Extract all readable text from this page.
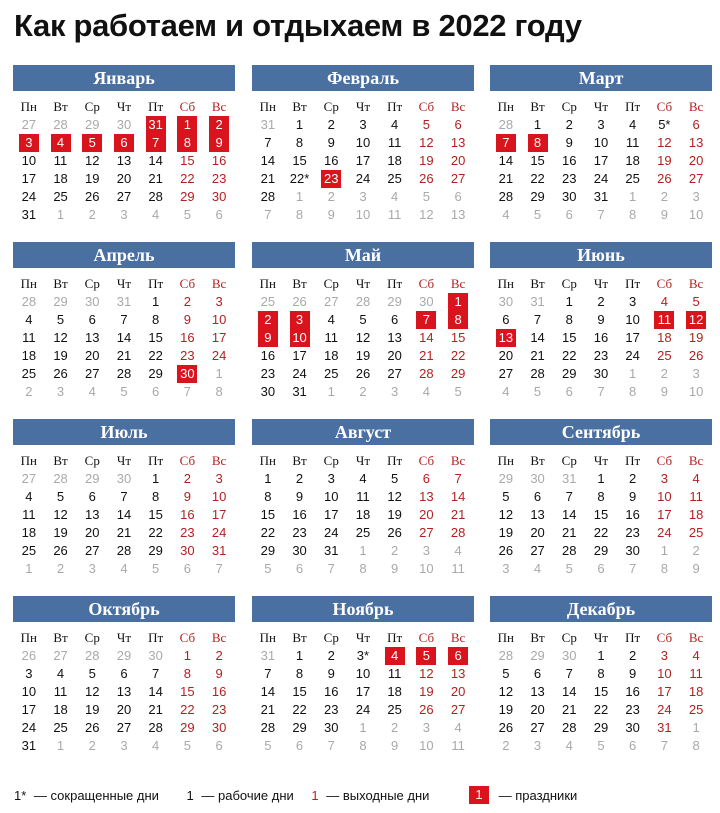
Как работаем и отдыхаем в 2022 году
Январь
Пн	Вт	Ср	Чт	Пт	Сб	Вс
27	28	29	30	31	1	2
3	4	5	6	7	8	9
10	11	12	13	14	15	16
17	18	19	20	21	22	23
24	25	26	27	28	29	30
31	1	2	3	4	5	6
Февраль
Пн	Вт	Ср	Чт	Пт	Сб	Вс
31	1	2	3	4	5	6
7	8	9	10	11	12	13
14	15	16	17	18	19	20
21	22*	23	24	25	26	27
28	1	2	3	4	5	6
7	8	9	10	11	12	13
Март
Пн	Вт	Ср	Чт	Пт	Сб	Вс
28	1	2	3	4	5*	6
7	8	9	10	11	12	13
14	15	16	17	18	19	20
21	22	23	24	25	26	27
28	29	30	31	1	2	3
4	5	6	7	8	9	10
Апрель
Пн	Вт	Ср	Чт	Пт	Сб	Вс
28	29	30	31	1	2	3
4	5	6	7	8	9	10
11	12	13	14	15	16	17
18	19	20	21	22	23	24
25	26	27	28	29	30	1
2	3	4	5	6	7	8
Май
Пн	Вт	Ср	Чт	Пт	Сб	Вс
25	26	27	28	29	30	1
2	3	4	5	6	7	8
9	10	11	12	13	14	15
16	17	18	19	20	21	22
23	24	25	26	27	28	29
30	31	1	2	3	4	5
Июнь
Пн	Вт	Ср	Чт	Пт	Сб	Вс
30	31	1	2	3	4	5
6	7	8	9	10	11	12
13	14	15	16	17	18	19
20	21	22	23	24	25	26
27	28	29	30	1	2	3
4	5	6	7	8	9	10
Июль
Пн	Вт	Ср	Чт	Пт	Сб	Вс
27	28	29	30	1	2	3
4	5	6	7	8	9	10
11	12	13	14	15	16	17
18	19	20	21	22	23	24
25	26	27	28	29	30	31
1	2	3	4	5	6	7
Август
Пн	Вт	Ср	Чт	Пт	Сб	Вс
1	2	3	4	5	6	7
8	9	10	11	12	13	14
15	16	17	18	19	20	21
22	23	24	25	26	27	28
29	30	31	1	2	3	4
5	6	7	8	9	10	11
Сентябрь
Пн	Вт	Ср	Чт	Пт	Сб	Вс
29	30	31	1	2	3	4
5	6	7	8	9	10	11
12	13	14	15	16	17	18
19	20	21	22	23	24	25
26	27	28	29	30	1	2
3	4	5	6	7	8	9
Октябрь
Пн	Вт	Ср	Чт	Пт	Сб	Вс
26	27	28	29	30	1	2
3	4	5	6	7	8	9
10	11	12	13	14	15	16
17	18	19	20	21	22	23
24	25	26	27	28	29	30
31	1	2	3	4	5	6
Ноябрь
Пн	Вт	Ср	Чт	Пт	Сб	Вс
31	1	2	3*	4	5	6
7	8	9	10	11	12	13
14	15	16	17	18	19	20
21	22	23	24	25	26	27
28	29	30	1	2	3	4
5	6	7	8	9	10	11
Декабрь
Пн	Вт	Ср	Чт	Пт	Сб	Вс
28	29	30	1	2	3	4
5	6	7	8	9	10	11
12	13	14	15	16	17	18
19	20	21	22	23	24	25
26	27	28	29	30	31	1
2	3	4	5	6	7	8
1* — сокращенные дни 1 — рабочие дни 1 — выходные дни	1 — праздники
